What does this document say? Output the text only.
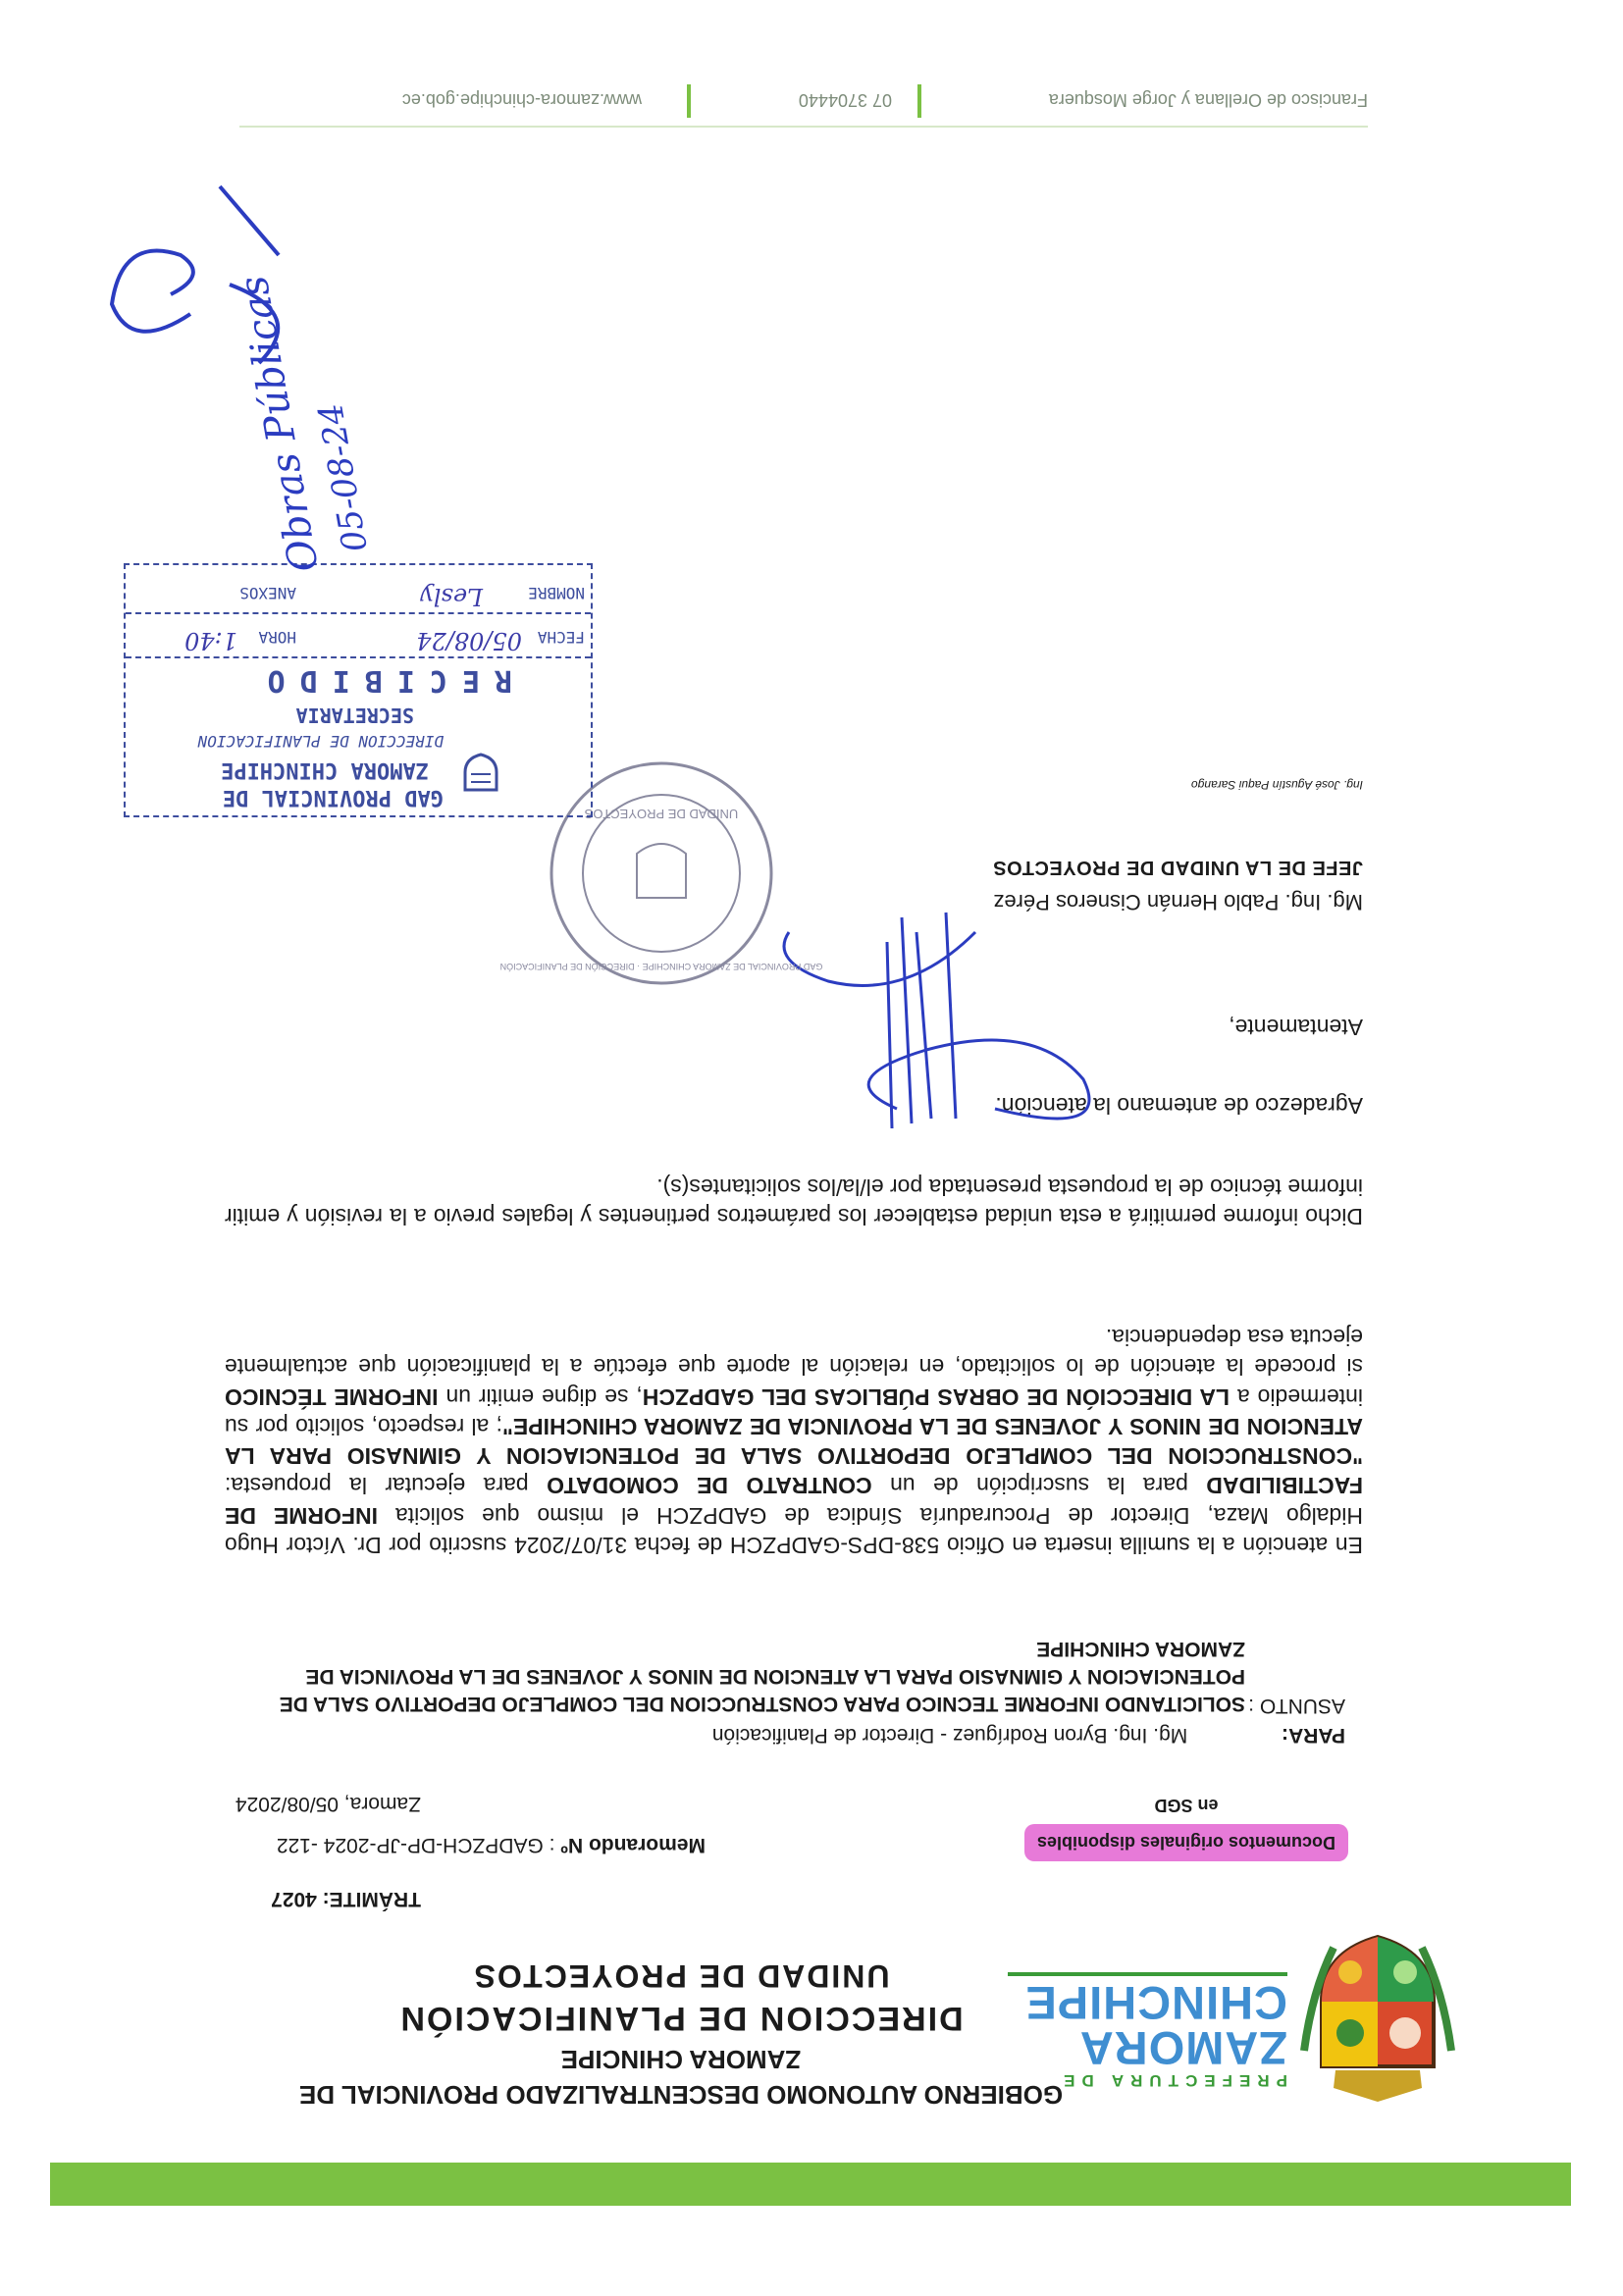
PREFECTURA DE
ZAMORA
CHINCHIPE
GOBIERNO AUTONOMO DESCENTRALIZADO PROVINCIAL DE
ZAMORA CHINCIPE
DIRECCION DE PLANIFICACIÓN
UNIDAD DE PROYECTOS
TRÁMITE: 4027
Documentos originales disponibles en SGD
Memorando Nº : GADPZCH-DP-JP-2024 -122
Zamora, 05/08/2024
PARA: Mg. Ing. Byron Rodríguez - Director de Planificación
ASUNTO :
SOLICITANDO INFORME TECNICO PARA CONSTRUCCION DEL COMPLEJO DEPORTIVO SALA DE POTENCIACION Y GIMNASIO PARA LA ATENCION DE NINOS Y JOVENES DE LA PROVINCIA DE ZAMORA CHINCHIPE
En atención a la sumilla inserta en Oficio 538-DPS-GADPZCH de fecha 31/07/2024 suscrito por Dr. Víctor Hugo Hidalgo Maza, Director de Procuraduría Síndica de GADPZCH el mismo que solicita INFORME DE FACTIBILIDAD para la suscripción de un CONTRATO DE COMODATO para ejecutar la propuesta: "CONSTRUCCION DEL COMPLEJO DEPORTIVO SALA DE POTENCIACION Y GIMNASIO PARA LA ATENCION DE NINOS Y JOVENES DE LA PROVINCIA DE ZAMORA CHINCHIPE"; al respecto, solicito por su intermedio a LA DIRECCIÓN DE OBRAS PÚBLICAS DEL GADPZCH, se digne emitir un INFORME TÉCNICO si procede la atención de lo solicitado, en relación al aporte que efectúe a la planificación que actualmente ejecuta esa dependencia.
Dicho informe permitirá a esta unidad establecer los parámetros pertinentes y legales previo a la revisión y emitir informe técnico de la propuesta presentada por el/la/los solicitantes(s).
Agradezco de antemano la atención.
Atentamente,
Mg. Ing. Pablo Hernán Cisneros Pérez
JEFE DE LA UNIDAD DE PROYECTOS
Ing. José Agustín Paqui Sarango
UNIDAD DE PROYECTOS
GAD PROVINCIAL DE ZAMORA CHINCHIPE · DIRECCIÓN DE PLANIFICACIÓN
GAD PROVINCIAL DE
ZAMORA CHINCHIPE
DIRECCION DE PLANIFICACION
SECRETARIA
RECIBIDO
FECHA
05/08/24
HORA
1:40
NOMBRE
Lesly
ANEXOS
Obras Públicas
05-08-24
Francisco de Orellana y Jorge Mosquera
07 3704440
www.zamora-chinchipe.gob.ec
